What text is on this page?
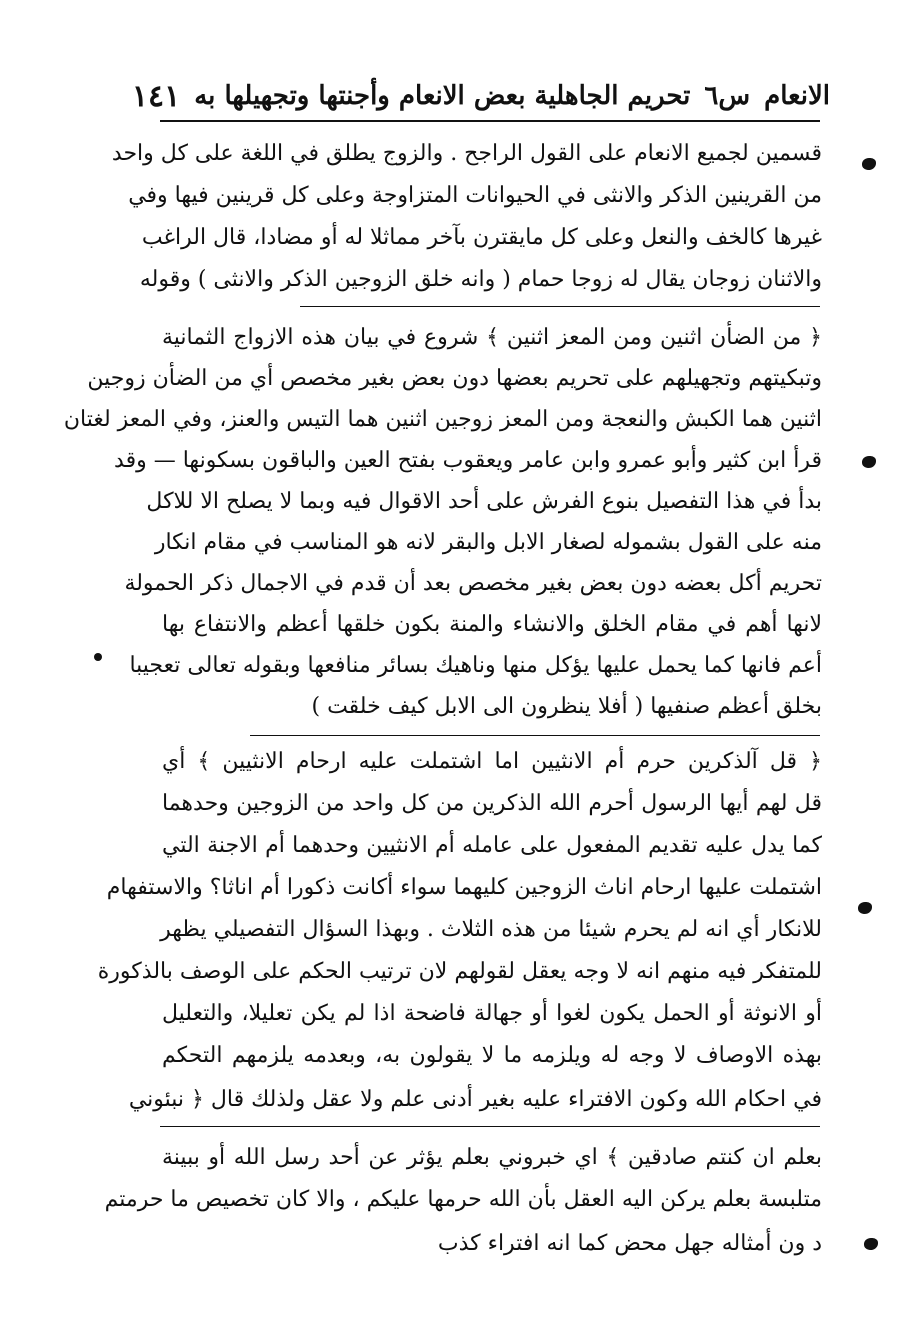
الانعام
س٦
تحريم الجاهلية بعض الانعام وأجنتها وتجهيلها به
١٤١
قسمين لجميع الانعام على القول الراجح . والزوج يطلق في اللغة على كل واحد
من القرينين الذكر والانثى في الحيوانات المتزاوجة وعلى كل قرينين فيها وفي
غيرها كالخف والنعل وعلى كل مايقترن بآخر مماثلا له أو مضادا، قال الراغب
والاثنان زوجان يقال له زوجا حمام ( وانه خلق الزوجين الذكر والانثى ) وقوله
﴿ من الضأن اثنين ومن المعز اثنين ﴾ شروع في بيان هذه الازواج الثمانية
وتبكيتهم وتجهيلهم على تحريم بعضها دون بعض بغير مخصص أي من الضأن زوجين
اثنين هما الكبش والنعجة ومن المعز زوجين اثنين هما التيس والعنز، وفي المعز لغتان
قرأ ابن كثير وأبو عمرو وابن عامر ويعقوب بفتح العين والباقون بسكونها — وقد
بدأ في هذا التفصيل بنوع الفرش على أحد الاقوال فيه وبما لا يصلح الا للاكل
منه على القول بشموله لصغار الابل والبقر لانه هو المناسب في مقام انكار
تحريم أكل بعضه دون بعض بغير مخصص بعد أن قدم في الاجمال ذكر الحمولة
لانها أهم في مقام الخلق والانشاء والمنة بكون خلقها أعظم والانتفاع بها
أعم فانها كما يحمل عليها يؤكل منها وناهيك بسائر منافعها وبقوله تعالى تعجيبا
بخلق أعظم صنفيها ( أفلا ينظرون الى الابل كيف خلقت )
﴿ قل آلذكرين حرم أم الانثيين اما اشتملت عليه ارحام الانثيين ﴾ أي
قل لهم أيها الرسول أحرم الله الذكرين من كل واحد من الزوجين وحدهما
كما يدل عليه تقديم المفعول على عامله أم الانثيين وحدهما أم الاجنة التي
اشتملت عليها ارحام اناث الزوجين كليهما سواء أكانت ذكورا أم اناثا؟ والاستفهام
للانكار أي انه لم يحرم شيئا من هذه الثلاث . وبهذا السؤال التفصيلي يظهر
للمتفكر فيه منهم انه لا وجه يعقل لقولهم لان ترتيب الحكم على الوصف بالذكورة
أو الانوثة أو الحمل يكون لغوا أو جهالة فاضحة اذا لم يكن تعليلا، والتعليل
بهذه الاوصاف لا وجه له ويلزمه ما لا يقولون به، وبعدمه يلزمهم التحكم
في احكام الله وكون الافتراء عليه بغير أدنى علم ولا عقل ولذلك قال ﴿ نبئوني
بعلم ان كنتم صادقين ﴾ اي خبروني بعلم يؤثر عن أحد رسل الله أو ببينة
متلبسة بعلم يركن اليه العقل بأن الله حرمها عليكم ، والا كان تخصيص ما حرمتم
د ون أمثاله جهل محض كما انه افتراء كذب
